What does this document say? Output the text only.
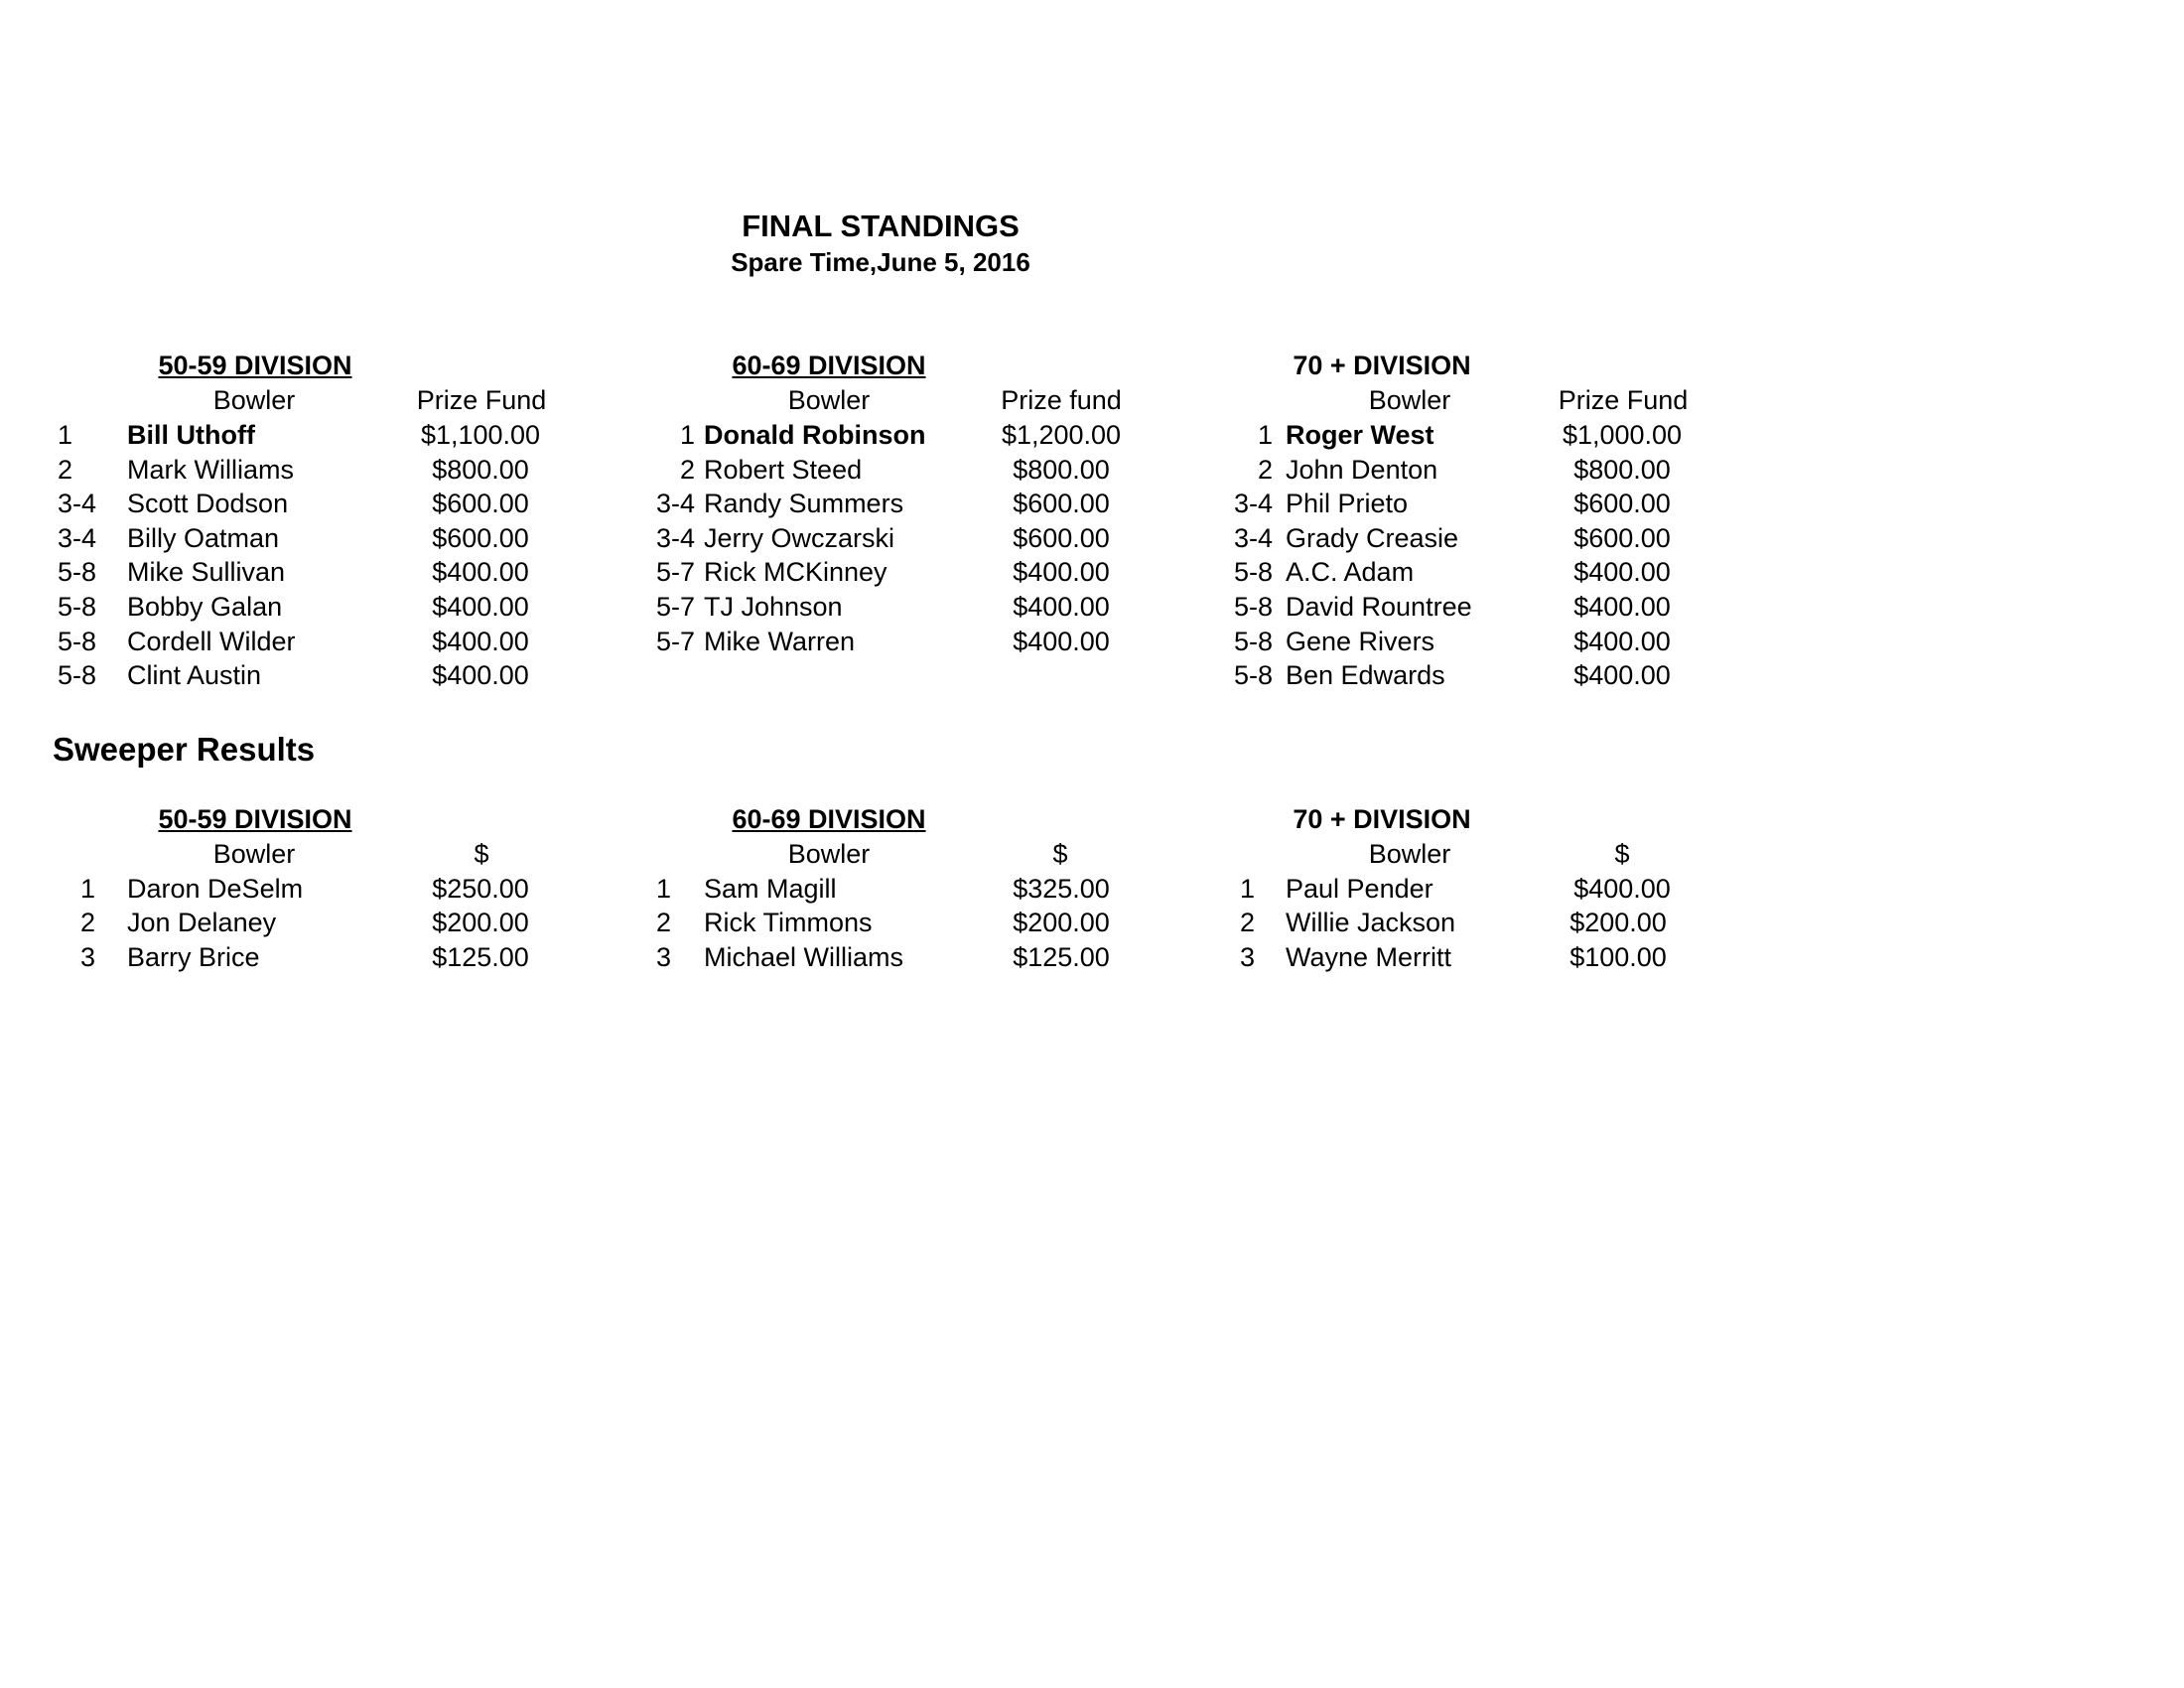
FINAL STANDINGS
Spare Time,June 5, 2016
50-59 DIVISION
Bowler	Prize Fund
1 Bill Uthoff	$1,100.00
2 Mark Williams	$800.00
3-4 Scott Dodson	$600.00
3-4 Billy Oatman	$600.00
5-8 Mike Sullivan	$400.00
5-8 Bobby Galan	$400.00
5-8 Cordell Wilder	$400.00
5-8 Clint Austin	$400.00
60-69 DIVISION
Bowler	Prize fund
1 Donald Robinson	$1,200.00
2 Robert Steed	$800.00
3-4 Randy Summers	$600.00
3-4 Jerry Owczarski	$600.00
5-7 Rick MCKinney	$400.00
5-7 TJ Johnson	$400.00
5-7 Mike Warren	$400.00
70 + DIVISION
Bowler	Prize Fund
1 Roger West	$1,000.00
2 John Denton	$800.00
3-4 Phil Prieto	$600.00
3-4 Grady Creasie	$600.00
5-8 A.C. Adam	$400.00
5-8 David Rountree	$400.00
5-8 Gene Rivers	$400.00
5-8 Ben Edwards	$400.00
Sweeper Results
50-59 DIVISION
Bowler	$
1 Daron DeSelm	$250.00
2 Jon Delaney	$200.00
3 Barry Brice	$125.00
60-69 DIVISION
Bowler	$
1 Sam Magill	$325.00
2 Rick Timmons	$200.00
3 Michael Williams	$125.00
70 + DIVISION
Bowler	$
1 Paul Pender	$400.00
2 Willie Jackson	$200.00
3 Wayne Merritt	$100.00
